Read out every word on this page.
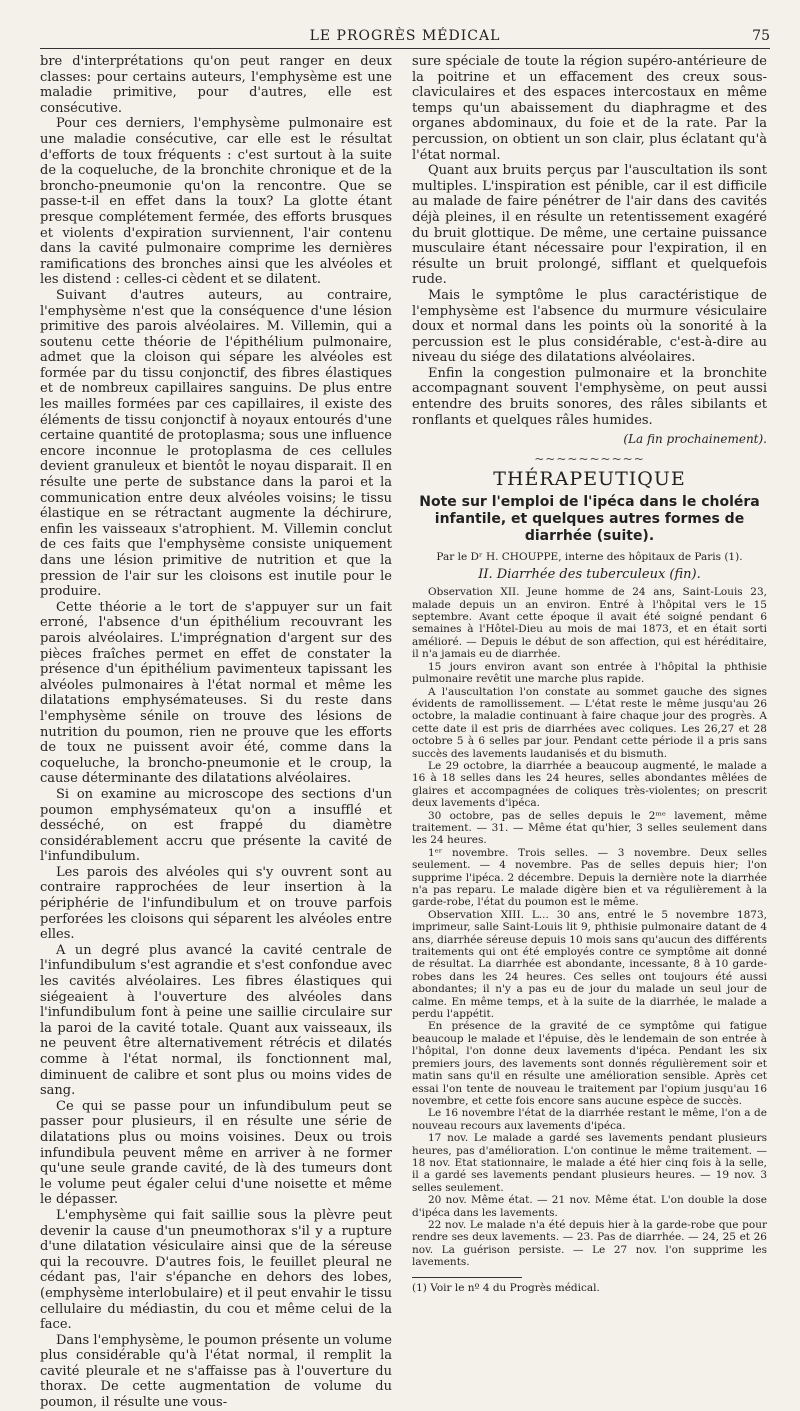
LE PROGRÈS MÉDICAL	75

bre d'interprétations qu'on peut ranger en deux classes: pour certains auteurs, l'emphysème est une maladie primitive, pour d'autres, elle est consécutive.

Pour ces derniers, l'emphysème pulmonaire est une maladie consécutive, car elle est le résultat d'efforts de toux fréquents : c'est surtout à la suite de la coqueluche, de la bronchite chronique et de la broncho-pneumonie qu'on la rencontre. Que se passe-t-il en effet dans la toux? La glotte étant presque complétement fermée, des efforts brusques et violents d'expiration surviennent, l'air contenu dans la cavité pulmonaire comprime les dernières ramifications des bronches ainsi que les alvéoles et les distend : celles-ci cèdent et se dilatent.

Suivant d'autres auteurs, au contraire, l'emphysème n'est que la conséquence d'une lésion primitive des parois alvéolaires. M. Villemin, qui a soutenu cette théorie de l'épithélium pulmonaire, admet que la cloison qui sépare les alvéoles est formée par du tissu conjonctif, des fibres élastiques et de nombreux capillaires sanguins. De plus entre les mailles formées par ces capillaires, il existe des éléments de tissu conjonctif à noyaux entourés d'une certaine quantité de protoplasma; sous une influence encore inconnue le protoplasma de ces cellules devient granuleux et bientôt le noyau disparait. Il en résulte une perte de substance dans la paroi et la communication entre deux alvéoles voisins; le tissu élastique en se rétractant augmente la déchirure, enfin les vaisseaux s'atrophient. M. Villemin conclut de ces faits que l'emphysème consiste uniquement dans une lésion primitive de nutrition et que la pression de l'air sur les cloisons est inutile pour le produire.

Cette théorie a le tort de s'appuyer sur un fait erroné, l'absence d'un épithélium recouvrant les parois alvéolaires. L'imprégnation d'argent sur des pièces fraîches permet en effet de constater la présence d'un épithélium pavimenteux tapissant les alvéoles pulmonaires à l'état normal et même les dilatations emphysémateuses. Si du reste dans l'emphysème sénile on trouve des lésions de nutrition du poumon, rien ne prouve que les efforts de toux ne puissent avoir été, comme dans la coqueluche, la broncho-pneumonie et le croup, la cause déterminante des dilatations alvéolaires.

Si on examine au microscope des sections d'un poumon emphysémateux qu'on a insufflé et desséché, on est frappé du diamètre considérablement accru que présente la cavité de l'infundibulum.

Les parois des alvéoles qui s'y ouvrent sont au contraire rapprochées de leur insertion à la périphérie de l'infundibulum et on trouve parfois perforées les cloisons qui séparent les alvéoles entre elles.

A un degré plus avancé la cavité centrale de l'infundibulum s'est agrandie et s'est confondue avec les cavités alvéolaires. Les fibres élastiques qui siégeaient à l'ouverture des alvéoles dans l'infundibulum font à peine une saillie circulaire sur la paroi de la cavité totale. Quant aux vaisseaux, ils ne peuvent être alternativement rétrécis et dilatés comme à l'état normal, ils fonctionnent mal, diminuent de calibre et sont plus ou moins vides de sang.

Ce qui se passe pour un infundibulum peut se passer pour plusieurs, il en résulte une série de dilatations plus ou moins voisines. Deux ou trois infundibula peuvent même en arriver à ne former qu'une seule grande cavité, de là des tumeurs dont le volume peut égaler celui d'une noisette et même le dépasser.

L'emphysème qui fait saillie sous la plèvre peut devenir la cause d'un pneumothorax s'il y a rupture d'une dilatation vésiculaire ainsi que de la séreuse qui la recouvre. D'autres fois, le feuillet pleural ne cédant pas, l'air s'épanche en dehors des lobes, (emphysème interlobulaire) et il peut envahir le tissu cellulaire du médiastin, du cou et même celui de la face.

Dans l'emphysème, le poumon présente un volume plus considérable qu'à l'état normal, il remplit la cavité pleurale et ne s'affaisse pas à l'ouverture du thorax. De cette augmentation de volume du poumon, il résulte une vous-

sure spéciale de toute la région supéro-antérieure de la poitrine et un effacement des creux sous-claviculaires et des espaces intercostaux en même temps qu'un abaissement du diaphragme et des organes abdominaux, du foie et de la rate. Par la percussion, on obtient un son clair, plus éclatant qu'à l'état normal.

Quant aux bruits perçus par l'auscultation ils sont multiples. L'inspiration est pénible, car il est difficile au malade de faire pénétrer de l'air dans des cavités déjà pleines, il en résulte un retentissement exagéré du bruit glottique. De même, une certaine puissance musculaire étant nécessaire pour l'expiration, il en résulte un bruit prolongé, sifflant et quelquefois rude.

Mais le symptôme le plus caractéristique de l'emphysème est l'absence du murmure vésiculaire doux et normal dans les points où la sonorité à la percussion est le plus considérable, c'est-à-dire au niveau du siége des dilatations alvéolaires.

Enfin la congestion pulmonaire et la bronchite accompagnant souvent l'emphysème, on peut aussi entendre des bruits sonores, des râles sibilants et ronflants et quelques râles humides.

(La fin prochainement).
~~~~~~~~~~
THÉRAPEUTIQUE
Note sur l'emploi de l'ipéca dans le choléra infantile, et quelques autres formes de diarrhée (suite).
Par le Dʳ H. CHOUPPE, interne des hôpitaux de Paris (1).
II. Diarrhée des tuberculeux (fin).

Observation XII. Jeune homme de 24 ans, Saint-Louis 23, malade depuis un an environ. Entré à l'hôpital vers le 15 septembre. Avant cette époque il avait été soigné pendant 6 semaines à l'Hôtel-Dieu au mois de mai 1873, et en était sorti amélioré. — Depuis le début de son affection, qui est héréditaire, il n'a jamais eu de diarrhée.

15 jours environ avant son entrée à l'hôpital la phthisie pulmonaire revêtit une marche plus rapide.

A l'auscultation l'on constate au sommet gauche des signes évidents de ramollissement. — L'état reste le même jusqu'au 26 octobre, la maladie continuant à faire chaque jour des progrès. A cette date il est pris de diarrhées avec coliques. Les 26,27 et 28 octobre 5 à 6 selles par jour. Pendant cette période il a pris sans succès des lavements laudanisés et du bismuth.

Le 29 octobre, la diarrhée a beaucoup augmenté, le malade a 16 à 18 selles dans les 24 heures, selles abondantes mêlées de glaires et accompagnées de coliques très-violentes; on prescrit deux lavements d'ipéca.

30 octobre, pas de selles depuis le 2ᵐᵉ lavement, même traitement. — 31. — Même état qu'hier, 3 selles seulement dans les 24 heures.

1ᵉʳ novembre. Trois selles. — 3 novembre. Deux selles seulement. — 4 novembre. Pas de selles depuis hier; l'on supprime l'ipéca. 2 décembre. Depuis la dernière note la diarrhée n'a pas reparu. Le malade digère bien et va régulièrement à la garde-robe, l'état du poumon est le même.

Observation XIII. L... 30 ans, entré le 5 novembre 1873, imprimeur, salle Saint-Louis lit 9, phthisie pulmonaire datant de 4 ans, diarrhée séreuse depuis 10 mois sans qu'aucun des différents traitements qui ont été employés contre ce symptôme ait donné de résultat. La diarrhée est abondante, incessante, 8 à 10 garde-robes dans les 24 heures. Ces selles ont toujours été aussi abondantes; il n'y a pas eu de jour du malade un seul jour de calme. En même temps, et à la suite de la diarrhée, le malade a perdu l'appétit.

En présence de la gravité de ce symptôme qui fatigue beaucoup le malade et l'épuise, dès le lendemain de son entrée à l'hôpital, l'on donne deux lavements d'ipéca. Pendant les six premiers jours, des lavements sont donnés régulièrement soir et matin sans qu'il en résulte une amélioration sensible. Après cet essai l'on tente de nouveau le traitement par l'opium jusqu'au 16 novembre, et cette fois encore sans aucune espèce de succès.

Le 16 novembre l'état de la diarrhée restant le même, l'on a de nouveau recours aux lavements d'ipéca.

17 nov. Le malade a gardé ses lavements pendant plusieurs heures, pas d'amélioration. L'on continue le même traitement. — 18 nov. Etat stationnaire, le malade a été hier cinq fois à la selle, il a gardé ses lavements pendant plusieurs heures. — 19 nov. 3 selles seulement.

20 nov. Même état. — 21 nov. Même état. L'on double la dose d'ipéca dans les lavements.

22 nov. Le malade n'a été depuis hier à la garde-robe que pour rendre ses deux lavements. — 23. Pas de diarrhée. — 24, 25 et 26 nov. La guérison persiste. — Le 27 nov. l'on supprime les lavements.

(1) Voir le nº 4 du Progrès médical.
